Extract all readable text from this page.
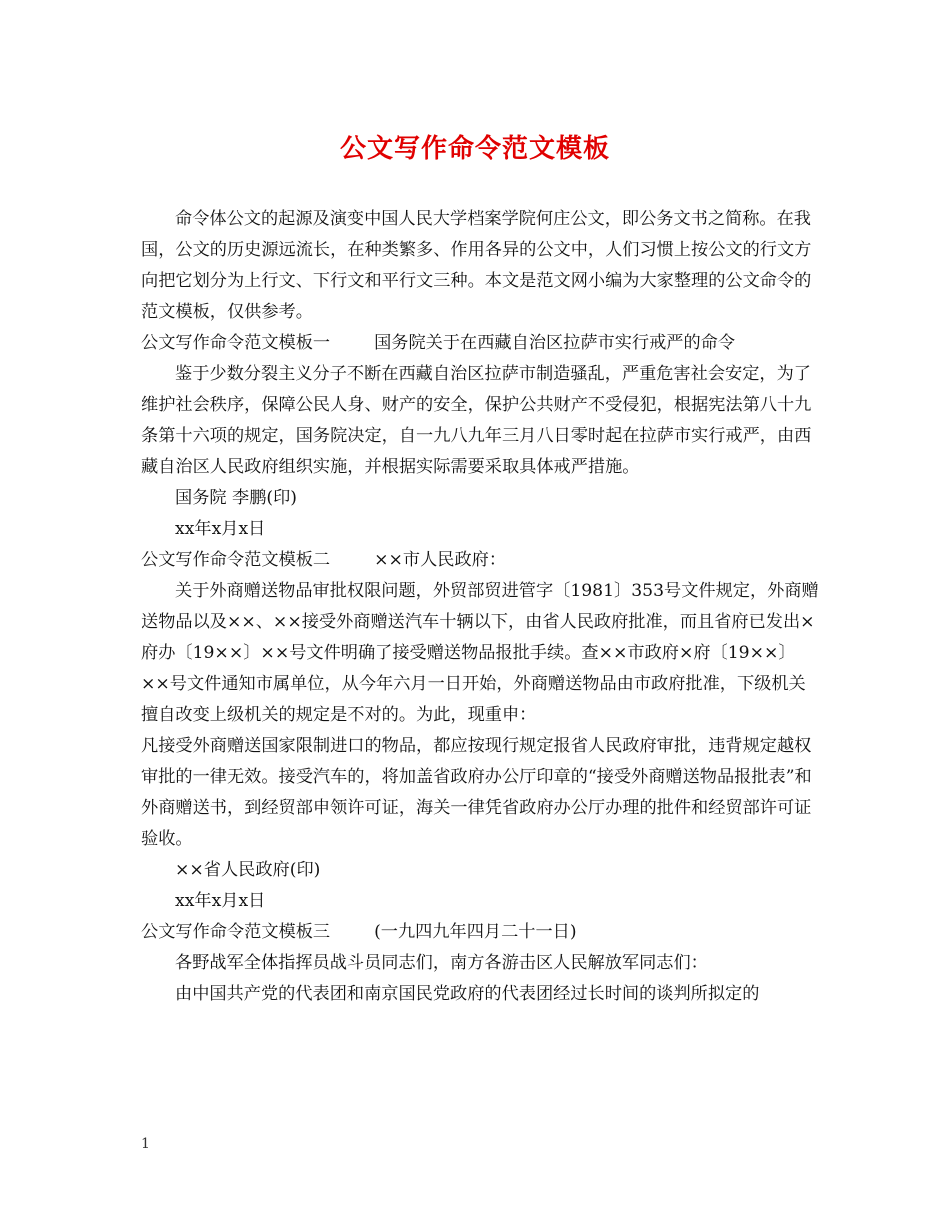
公文写作命令范文模板

命令体公文的起源及演变中国人民大学档案学院何庄公文，即公务文书之简称。在我国，公文的历史源远流长，在种类繁多、作用各异的公文中，人们习惯上按公文的行文方向把它划分为上行文、下行文和平行文三种。本文是范文网小编为大家整理的公文命令的范文模板，仅供参考。

公文写作命令范文模板一	国务院关于在西藏自治区拉萨市实行戒严的命令

鉴于少数分裂主义分子不断在西藏自治区拉萨市制造骚乱，严重危害社会安定，为了维护社会秩序，保障公民人身、财产的安全，保护公共财产不受侵犯，根据宪法第八十九条第十六项的规定，国务院决定，自一九八九年三月八日零时起在拉萨市实行戒严，由西藏自治区人民政府组织实施，并根据实际需要采取具体戒严措施。

国务院 李鹏(印)

xx年x月x日

公文写作命令范文模板二	××市人民政府：

关于外商赠送物品审批权限问题，外贸部贸进管字〔1981〕353号文件规定，外商赠送物品以及××、××接受外商赠送汽车十辆以下，由省人民政府批准，而且省府已发出×府办〔19××〕××号文件明确了接受赠送物品报批手续。查××市政府×府〔19××〕××号文件通知市属单位，从今年六月一日开始，外商赠送物品由市政府批准，下级机关擅自改变上级机关的规定是不对的。为此，现重申：

凡接受外商赠送国家限制进口的物品，都应按现行规定报省人民政府审批，违背规定越权审批的一律无效。接受汽车的，将加盖省政府办公厅印章的“接受外商赠送物品报批表”和外商赠送书，到经贸部申领许可证，海关一律凭省政府办公厅办理的批件和经贸部许可证验收。

××省人民政府(印)

xx年x月x日

公文写作命令范文模板三	(一九四九年四月二十一日)

各野战军全体指挥员战斗员同志们，南方各游击区人民解放军同志们：

由中国共产党的代表团和南京国民党政府的代表团经过长时间的谈判所拟定的

1
